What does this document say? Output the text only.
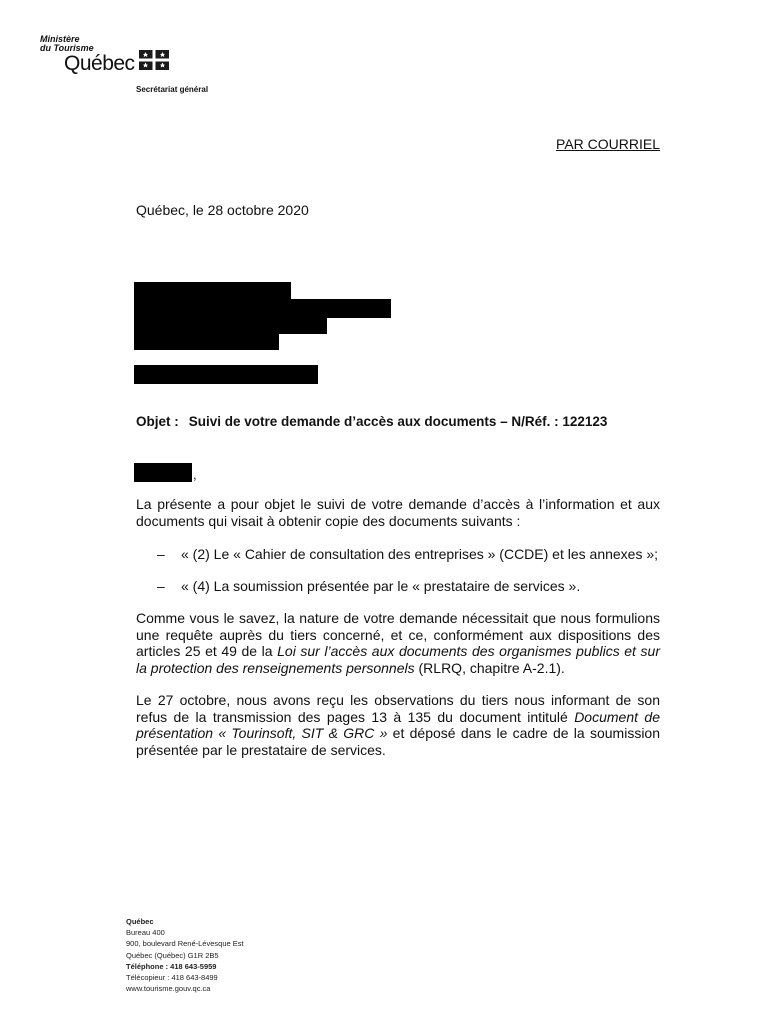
Ministère
du Tourisme
Québec
Secrétariat général
PAR COURRIEL
Québec, le 28 octobre 2020
Objet : Suivi de votre demande d’accès aux documents – N/Réf. : 122123
,

La présente a pour objet le suivi de votre demande d’accès à l’information et aux documents qui visait à obtenir copie des documents suivants :

– « (2) Le « Cahier de consultation des entreprises » (CCDE) et les annexes »;
– « (4) La soumission présentée par le « prestataire de services ».

Comme vous le savez, la nature de votre demande nécessitait que nous formulions une requête auprès du tiers concerné, et ce, conformément aux dispositions des articles 25 et 49 de la Loi sur l’accès aux documents des organismes publics et sur la protection des renseignements personnels (RLRQ, chapitre A-2.1).

Le 27 octobre, nous avons reçu les observations du tiers nous informant de son refus de la transmission des pages 13 à 135 du document intitulé Document de présentation « Tourinsoft, SIT & GRC » et déposé dans le cadre de la soumission présentée par le prestataire de services.

Québec
Bureau 400
900, boulevard René-Lévesque Est
Québec (Québec) G1R 2B5
Téléphone : 418 643-5959
Télécopieur : 418 643-8499
www.tourisme.gouv.qc.ca
